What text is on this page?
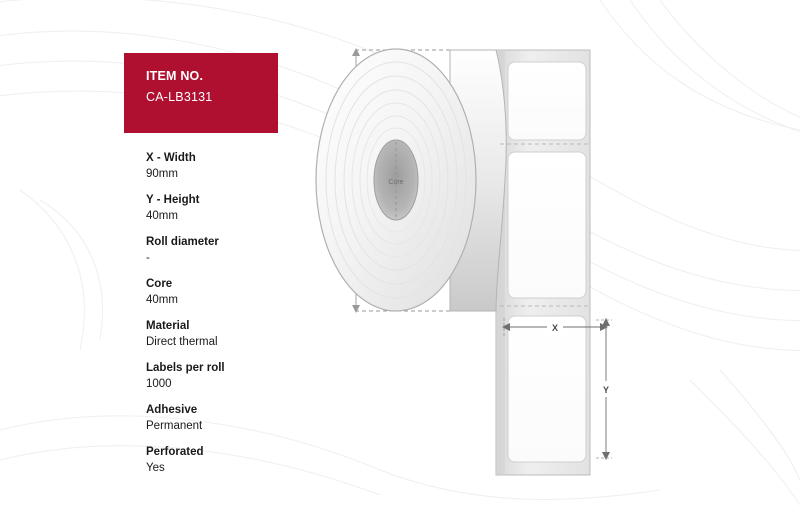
ITEM NO.
CA-LB3131
X - Width
90mm
Y - Height
40mm
Roll diameter
-
Core
40mm
Material
Direct thermal
Labels per roll
1000
Adhesive
Permanent
Perforated
Yes
Core
X
Y
